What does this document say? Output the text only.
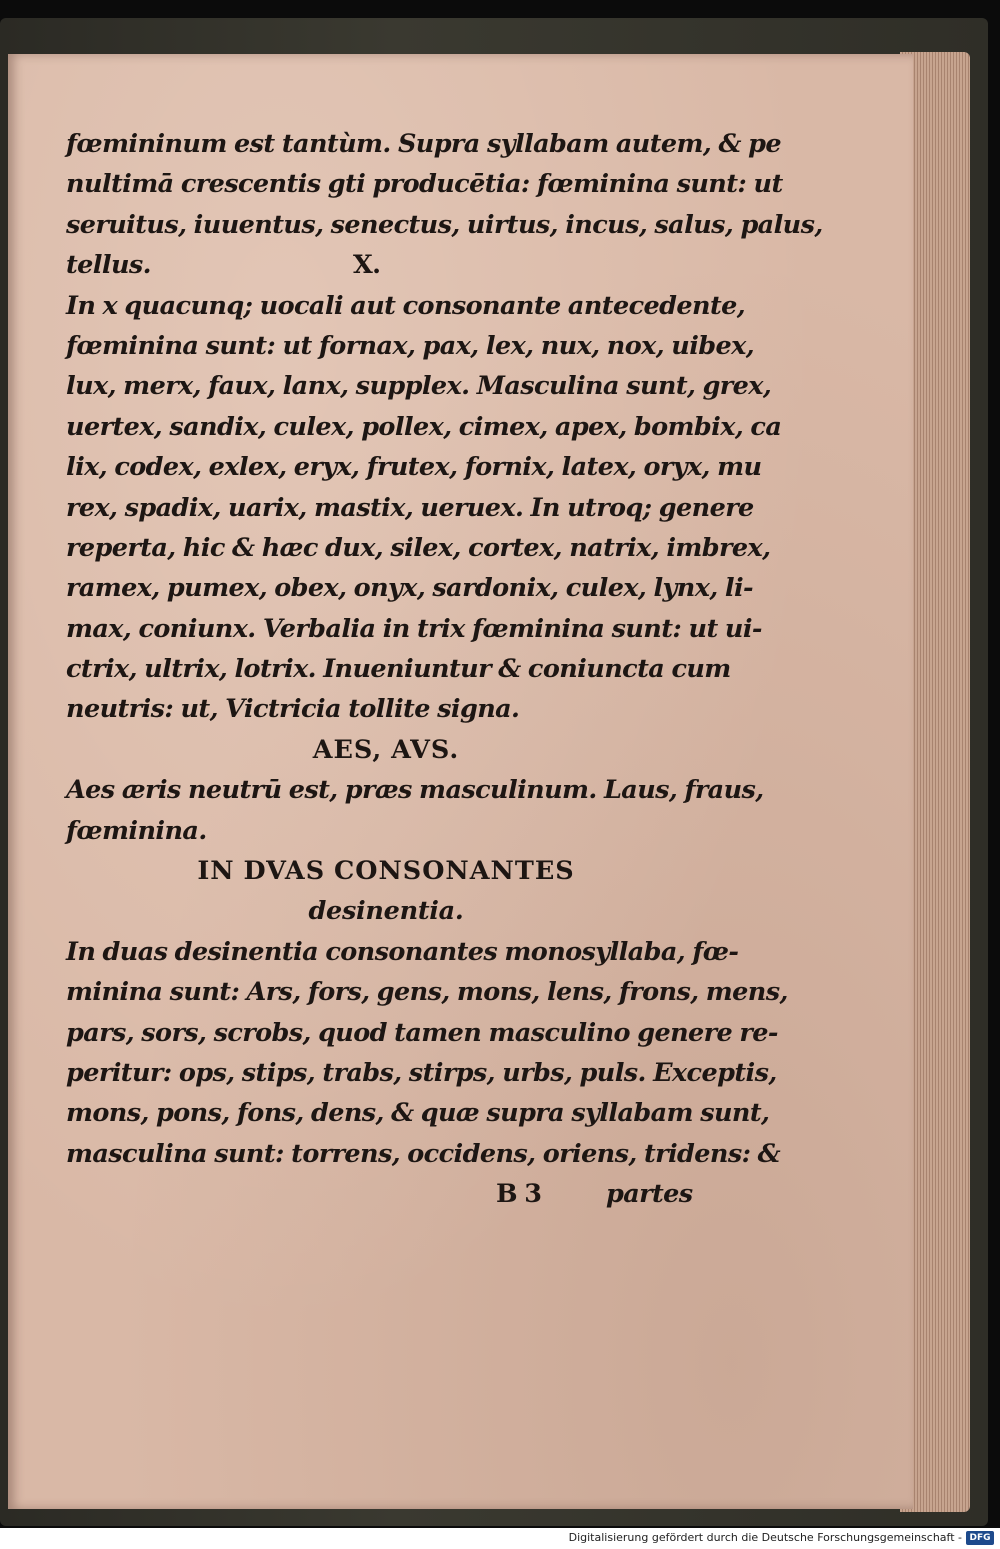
fœmininum est tantùm. Supra syllabam autem, & pe
nultimā crescentis gti producētia: fœminina sunt: ut
seruitus, iuuentus, senectus, uirtus, incus, salus, palus,
tellus.	X.
In x quacunq; uocali aut consonante antecedente,
fœminina sunt: ut fornax, pax, lex, nux, nox, uibex,
lux, merx, faux, lanx, supplex. Masculina sunt, grex,
uertex, sandix, culex, pollex, cimex, apex, bombix, ca
lix, codex, exlex, eryx, frutex, fornix, latex, oryx, mu
rex, spadix, uarix, mastix, ueruex. In utroq; genere
reperta, hic & hæc dux, silex, cortex, natrix, imbrex,
ramex, pumex, obex, onyx, sardonix, culex, lynx, li-
max, coniunx. Verbalia in trix fœminina sunt: ut ui-
ctrix, ultrix, lotrix. Inueniuntur & coniuncta cum
neutris: ut, Victricia tollite signa.
AES, AVS.
Aes æris neutrū est, præs masculinum. Laus, fraus,
fœminina.
IN DVAS CONSONANTES
desinentia.
In duas desinentia consonantes monosyllaba, fœ-
minina sunt: Ars, fors, gens, mons, lens, frons, mens,
pars, sors, scrobs, quod tamen masculino genere re-
peritur: ops, stips, trabs, stirps, urbs, puls. Exceptis,
mons, pons, fons, dens, & quæ supra syllabam sunt,
masculina sunt: torrens, occidens, oriens, tridens: &
B 3	partes
Digitalisierung gefördert durch die Deutsche Forschungsgemeinschaft - DFG
